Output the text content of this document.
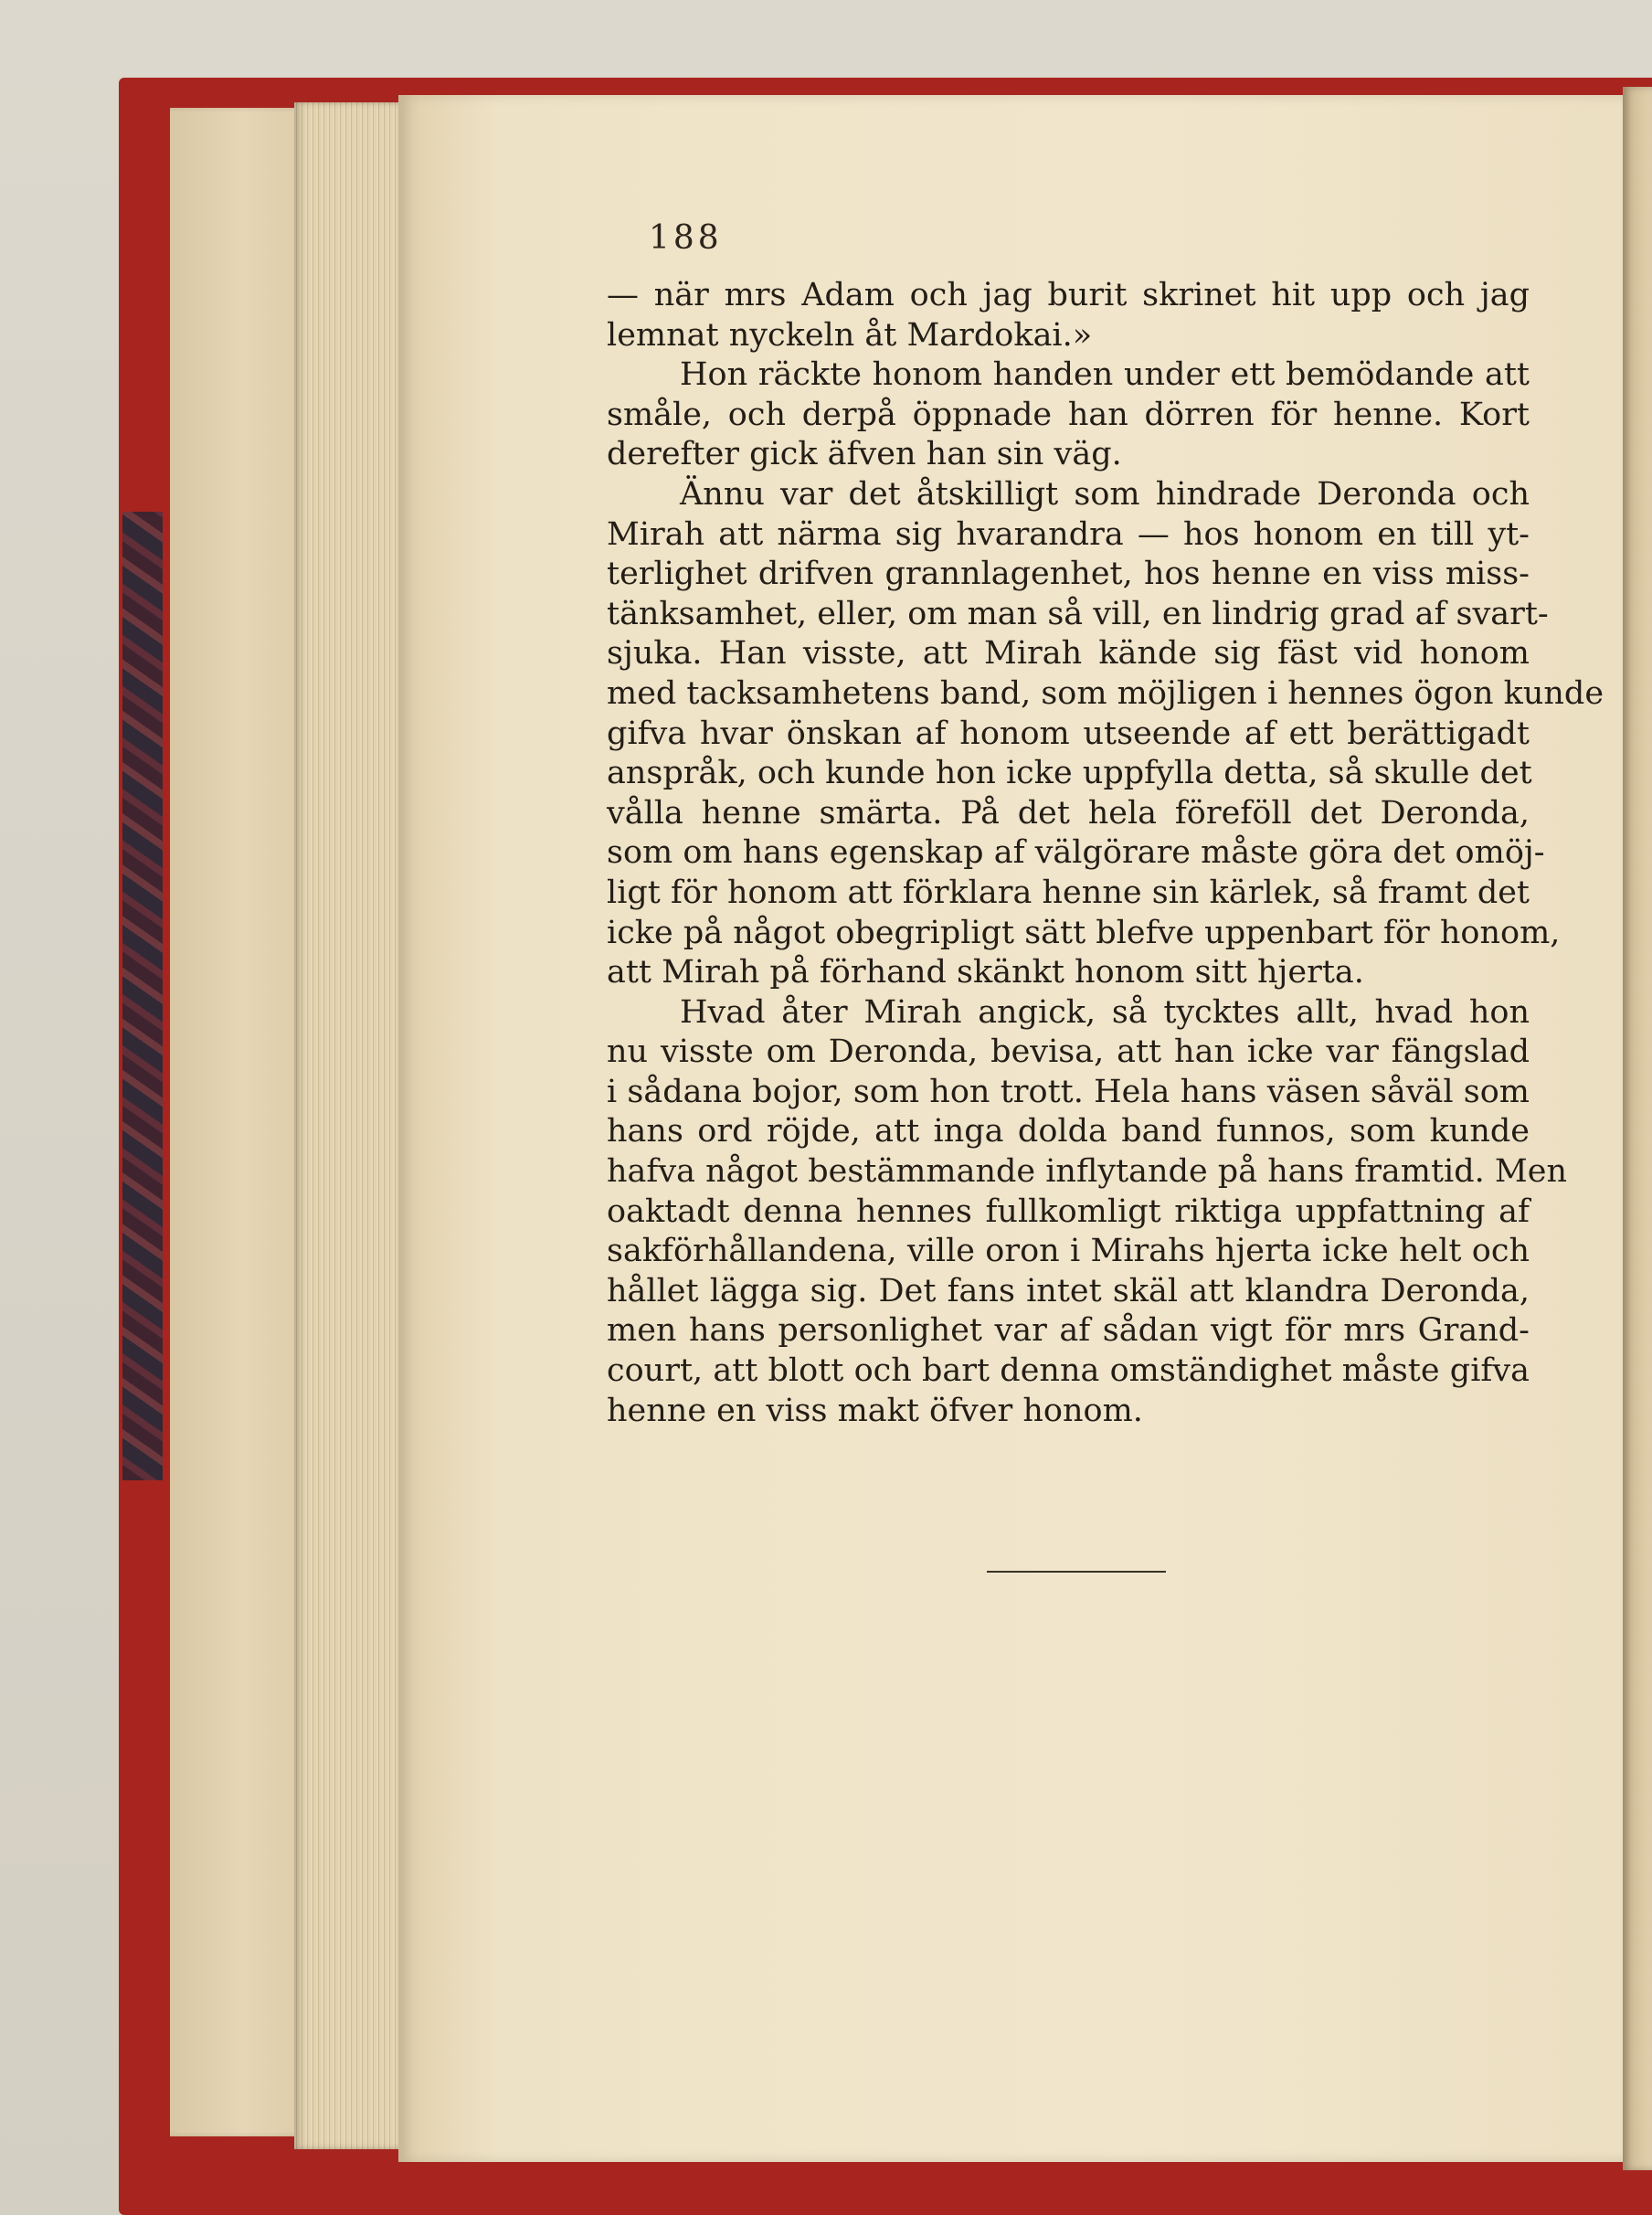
188
— när mrs Adam och jag burit skrinet hit upp och jag
lemnat nyckeln åt Mardokai.»
Hon räckte honom handen under ett bemödande att
småle, och derpå öppnade han dörren för henne. Kort
derefter gick äfven han sin väg.
Ännu var det åtskilligt som hindrade Deronda och
Mirah att närma sig hvarandra — hos honom en till yt-
terlighet drifven grannlagenhet, hos henne en viss miss-
tänksamhet, eller, om man så vill, en lindrig grad af svart-
sjuka. Han visste, att Mirah kände sig fäst vid honom
med tacksamhetens band, som möjligen i hennes ögon kunde
gifva hvar önskan af honom utseende af ett berättigadt
anspråk, och kunde hon icke uppfylla detta, så skulle det
vålla henne smärta. På det hela föreföll det Deronda,
som om hans egenskap af välgörare måste göra det omöj-
ligt för honom att förklara henne sin kärlek, så framt det
icke på något obegripligt sätt blefve uppenbart för honom,
att Mirah på förhand skänkt honom sitt hjerta.
Hvad åter Mirah angick, så tycktes allt, hvad hon
nu visste om Deronda, bevisa, att han icke var fängslad
i sådana bojor, som hon trott. Hela hans väsen såväl som
hans ord röjde, att inga dolda band funnos, som kunde
hafva något bestämmande inflytande på hans framtid. Men
oaktadt denna hennes fullkomligt riktiga uppfattning af
sakförhållandena, ville oron i Mirahs hjerta icke helt och
hållet lägga sig. Det fans intet skäl att klandra Deronda,
men hans personlighet var af sådan vigt för mrs Grand-
court, att blott och bart denna omständighet måste gifva
henne en viss makt öfver honom.
